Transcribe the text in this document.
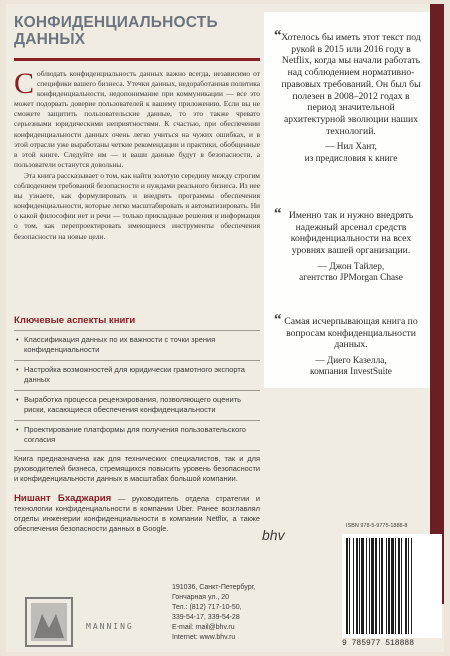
КОНФИДЕНЦИАЛЬНОСТЬ
ДАННЫХ

Соблюдать конфиденциальность данных важно всегда, независимо от специфики вашего бизнеса. Утечки данных, недоработанная политика конфиденциальности, недопонимание при коммуникации — все это может подорвать доверие пользователей к вашему приложению. Если вы не сможете защитить пользовательские данные, то это также чревато серьезными юридическими неприятностями. К счастью, при обеспечении конфиденциальности данных очень легко учиться на чужих ошибках, и в этой отрасли уже выработаны четкие рекомендации и практики, обобщенные в этой книге. Следуйте им — и ваши данные будут в безопасности, а пользователи останутся довольны.

Эта книга рассказывает о том, как найти золотую середину между строгим соблюдением требований безопасности и нуждами реального бизнеса. Из нее вы узнаете, как формулировать и внедрять программы обеспечения конфиденциальности, которые легко масштабировать и автоматизировать. Ни о какой философии нет и речи — только прикладные решения и информация о том, как перепроектировать имеющиеся инструменты обеспечения безопасности на новые цели.

Ключевые аспекты книги
• Классификация данных по их важности с точки зрения конфиденциальности
• Настройка возможностей для юридически грамотного экспорта данных
• Выработка процесса рецензирования, позволяющего оценить риски, касающиеся обеспечения конфиденциальности
• Проектирование платформы для получения пользовательского согласия
Книга предназначена как для технических специалистов, так и для руководителей бизнеса, стремящихся повысить уровень безопасности и конфиденциальности данных в масштабах большой компании.
Нишант Бхаджария — руководитель отдела стратегии и технологии конфиденциальности в компании Uber. Ранее возглавлял отделы инженерии конфиденциальности в компании Netflix, а также обеспечения безопасности данных в Google.
“ Хотелось бы иметь этот текст под рукой в 2015 или 2016 году в Netflix, когда мы начали работать над соблюдением нормативно-правовых требований. Он был бы полезен в 2008–2012 годах в период значительной архитектурной эволюции наших технологий.
— Нил Хант,
из предисловия к книге
“ Именно так и нужно внедрять надежный арсенал средств конфиденциальности на всех уровнях вашей организации.
— Джон Тайлер,
агентство JPMorgan Chase
“ Самая исчерпывающая книга по вопросам конфиденциальности данных.
— Диего Казелла,
компания InvestSuite
MANNING
191036, Санкт-Петербург,
Гончарная ул., 20
Тел.: (812) 717-10-50,
339-54-17, 339-54-28
E-mail: mail@bhv.ru
Internet: www.bhv.ru
bhv
ISBN 978-5-9775-1888-8
9 785977 518888
